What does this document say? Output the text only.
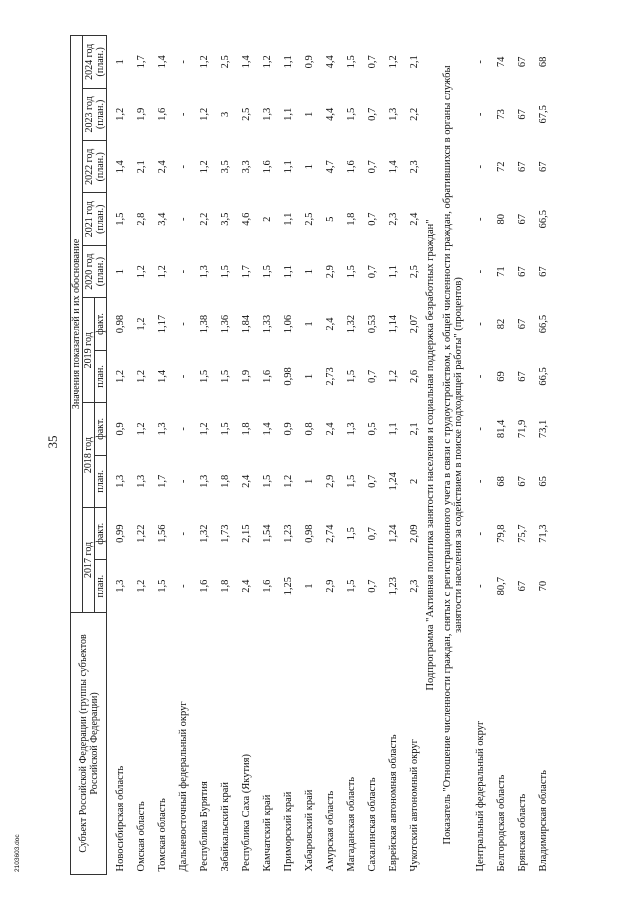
35
2103603.doc
Субъект Российской Федерации (группы субъектов Российской Федерации)	Значения показателей и их обоснование										
	2017 год		2018 год		2019 год		2020 год (план.)	2021 год (план.)	2022 год (план.)	2023 год (план.)	2024 год (план.)
	план.	факт.	план.	факт.	план.	факт.					
Новосибирская область	1,3	0,99	1,3	0,9	1,2	0,98	1	1,5	1,4	1,2	1
Омская область	1,2	1,22	1,3	1,2	1,2	1,2	1,2	2,8	2,1	1,9	1,7
Томская область	1,5	1,56	1,7	1,3	1,4	1,17	1,2	3,4	2,4	1,6	1,4
Дальневосточный федеральный округ	-	-	-	-	-	-	-	-	-	-	-
Республика Бурятия	1,6	1,32	1,3	1,2	1,5	1,38	1,3	2,2	1,2	1,2	1,2
Забайкальский край	1,8	1,73	1,8	1,5	1,5	1,36	1,5	3,5	3,5	3	2,5
Республика Саха (Якутия)	2,4	2,15	2,4	1,8	1,9	1,84	1,7	4,6	3,3	2,5	1,4
Камчатский край	1,6	1,54	1,5	1,4	1,6	1,33	1,5	2	1,6	1,3	1,2
Приморский край	1,25	1,23	1,2	0,9	0,98	1,06	1,1	1,1	1,1	1,1	1,1
Хабаровский край	1	0,98	1	0,8	1	1	1	2,5	1	1	0,9
Амурская область	2,9	2,74	2,9	2,4	2,73	2,4	2,9	5	4,7	4,4	4,4
Магаданская область	1,5	1,5	1,5	1,3	1,5	1,32	1,5	1,8	1,6	1,5	1,5
Сахалинская область	0,7	0,7	0,7	0,5	0,7	0,53	0,7	0,7	0,7	0,7	0,7
Еврейская автономная область	1,23	1,24	1,24	1,1	1,2	1,14	1,1	2,3	1,4	1,3	1,2
Чукотский автономный округ	2,3	2,09	2	2,1	2,6	2,07	2,5	2,4	2,3	2,2	2,1
Подпрограмма "Активная политика занятости населения и социальная поддержка безработных граждан"											
Показатель "Отношение численности граждан, снятых с регистрационного учета в связи с трудоустройством, к общей численности граждан, обратившихся в органы службы занятости населения за содействием в поиске подходящей работы" (процентов)											
Центральный федеральный округ	-	-	-	-	-	-	-	-	-	-	-
Белгородская область	80,7	79,8	68	81,4	69	82	71	80	72	73	74
Брянская область	67	75,7	67	71,9	67	67	67	67	67	67	67
Владимирская область	70	71,3	65	73,1	66,5	66,5	67	66,5	67	67,5	68
